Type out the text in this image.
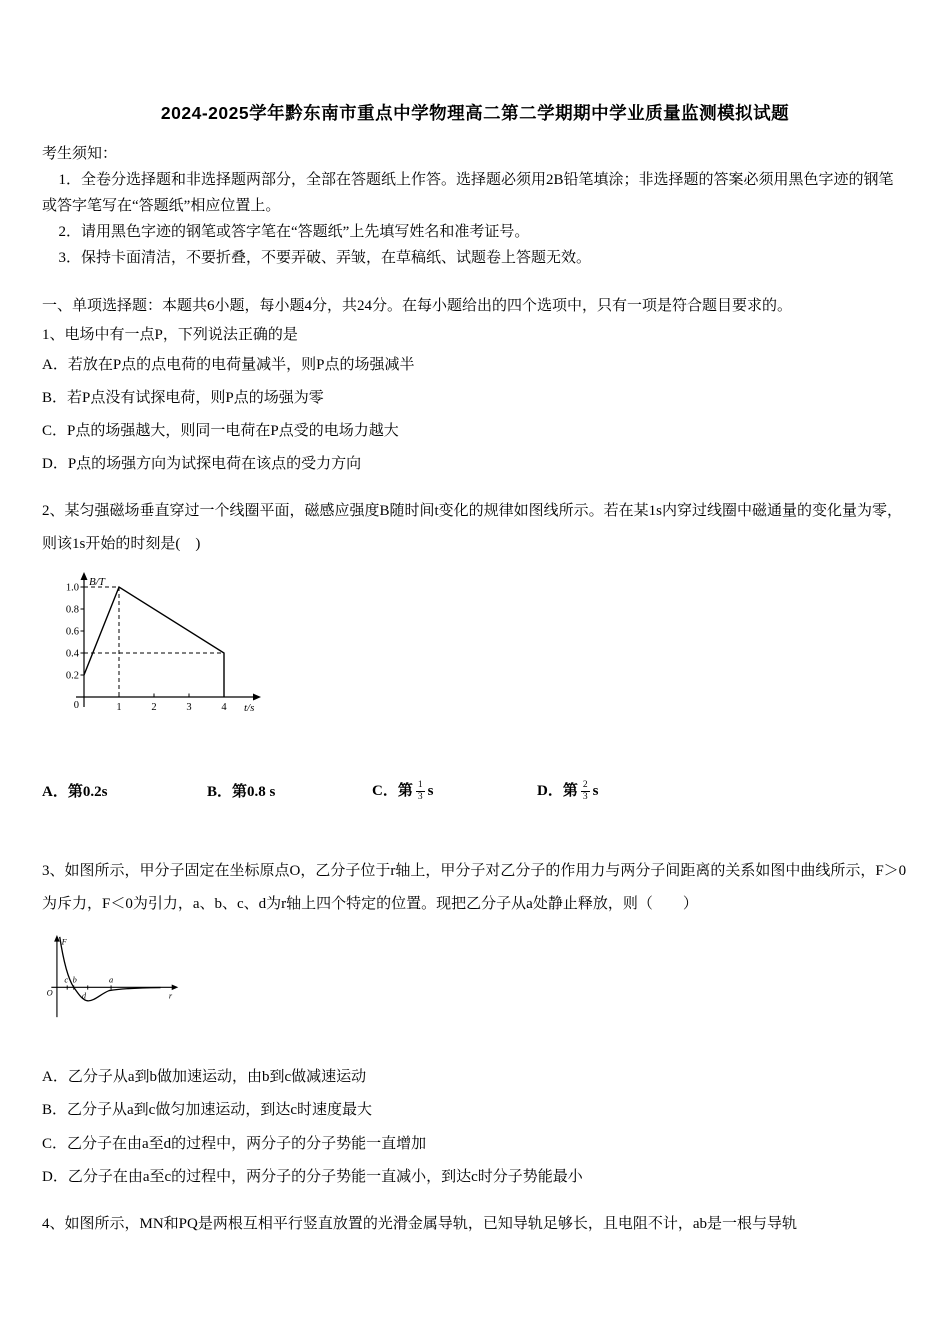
2024-2025学年黔东南市重点中学物理高二第二学期期中学业质量监测模拟试题
考生须知：

1．全卷分选择题和非选择题两部分，全部在答题纸上作答。选择题必须用2B铅笔填涂；非选择题的答案必须用黑色字迹的钢笔或答字笔写在“答题纸”相应位置上。

2．请用黑色字迹的钢笔或答字笔在“答题纸”上先填写姓名和准考证号。

3．保持卡面清洁，不要折叠，不要弄破、弄皱，在草稿纸、试题卷上答题无效。

一、单项选择题：本题共6小题，每小题4分，共24分。在每小题给出的四个选项中，只有一项是符合题目要求的。
1、电场中有一点P，下列说法正确的是
A．若放在P点的点电荷的电荷量减半，则P点的场强减半
B．若P点没有试探电荷，则P点的场强为零
C．P点的场强越大，则同一电荷在P点受的电场力越大
D．P点的场强方向为试探电荷在该点的受力方向
2、某匀强磁场垂直穿过一个线圈平面，磁感应强度B随时间t变化的规律如图线所示。若在某1s内穿过线圈中磁通量的变化量为零，则该1s开始的时刻是(　)
1.0
0.8
0.6
0.4
0.2
0	1	2	3	4
B/T
t/s
A．第0.2s	B．第0.8 s	C．第 $\frac{1}{3}$ s	D．第 $\frac{2}{3}$ s
3、如图所示，甲分子固定在坐标原点O，乙分子位于r轴上，甲分子对乙分子的作用力与两分子间距离的关系如图中曲线所示，F＞0为斥力，F＜0为引力，a、b、c、d为r轴上四个特定的位置。现把乙分子从a处静止释放，则（　　）
F
O	r
c b
d
a
A．乙分子从a到b做加速运动，由b到c做减速运动
B．乙分子从a到c做匀加速运动，到达c时速度最大
C．乙分子在由a至d的过程中，两分子的分子势能一直增加
D．乙分子在由a至c的过程中，两分子的分子势能一直减小，到达c时分子势能最小
4、如图所示，MN和PQ是两根互相平行竖直放置的光滑金属导轨，已知导轨足够长，且电阻不计，ab是一根与导轨
